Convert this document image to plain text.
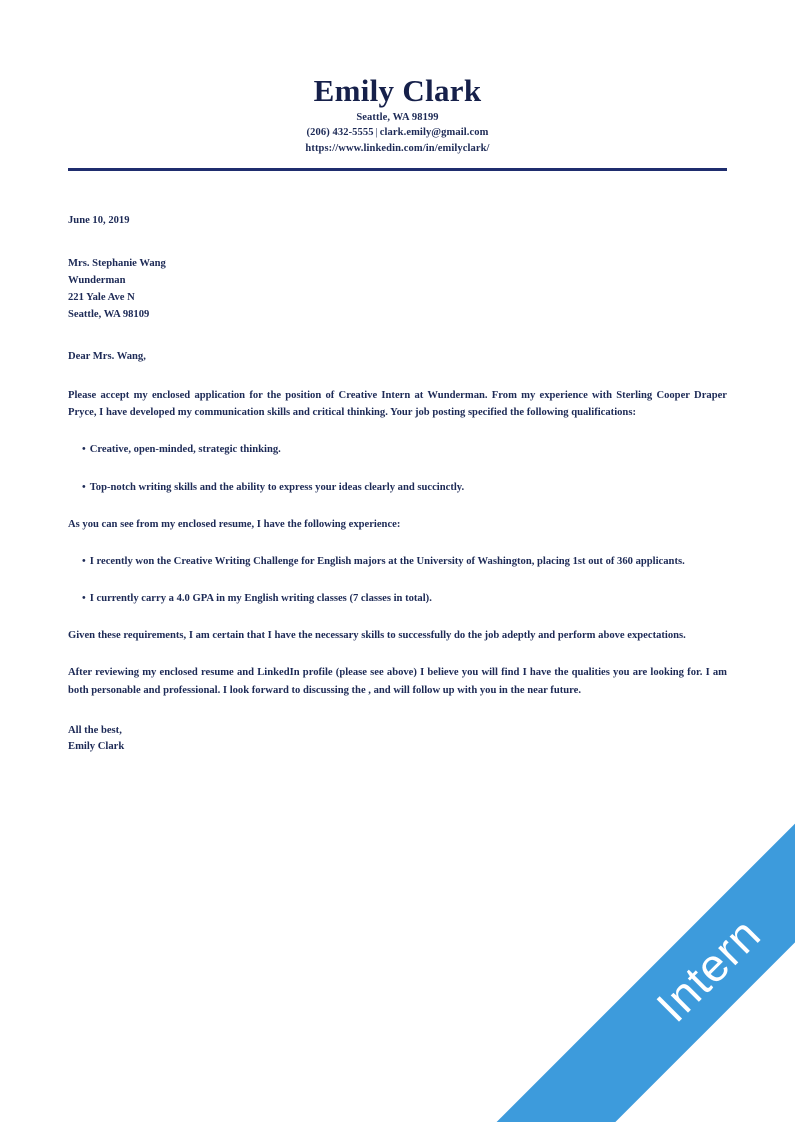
Emily Clark

Seattle, WA 98199

(206) 432-5555 | clark.emily@gmail.com

https://www.linkedin.com/in/emilyclark/

June 10, 2019
Mrs. Stephanie Wang
Wunderman
221 Yale Ave N
Seattle, WA 98109
Dear Mrs. Wang,

Please accept my enclosed application for the position of Creative Intern at Wunderman. From my experience with Sterling Cooper Draper Pryce, I have developed my communication skills and critical thinking. Your job posting specified the following qualifications:

• Creative, open-minded, strategic thinking.

• Top-notch writing skills and the ability to express your ideas clearly and succinctly.

As you can see from my enclosed resume, I have the following experience:

• I recently won the Creative Writing Challenge for English majors at the University of Washington, placing 1st out of 360 applicants.

• I currently carry a 4.0 GPA in my English writing classes (7 classes in total).

Given these requirements, I am certain that I have the necessary skills to successfully do the job adeptly and perform above expectations.

After reviewing my enclosed resume and LinkedIn profile (please see above) I believe you will find I have the qualities you are looking for. I am both personable and professional. I look forward to discussing the , and will follow up with you in the near future.

All the best,
Emily Clark
Intern
